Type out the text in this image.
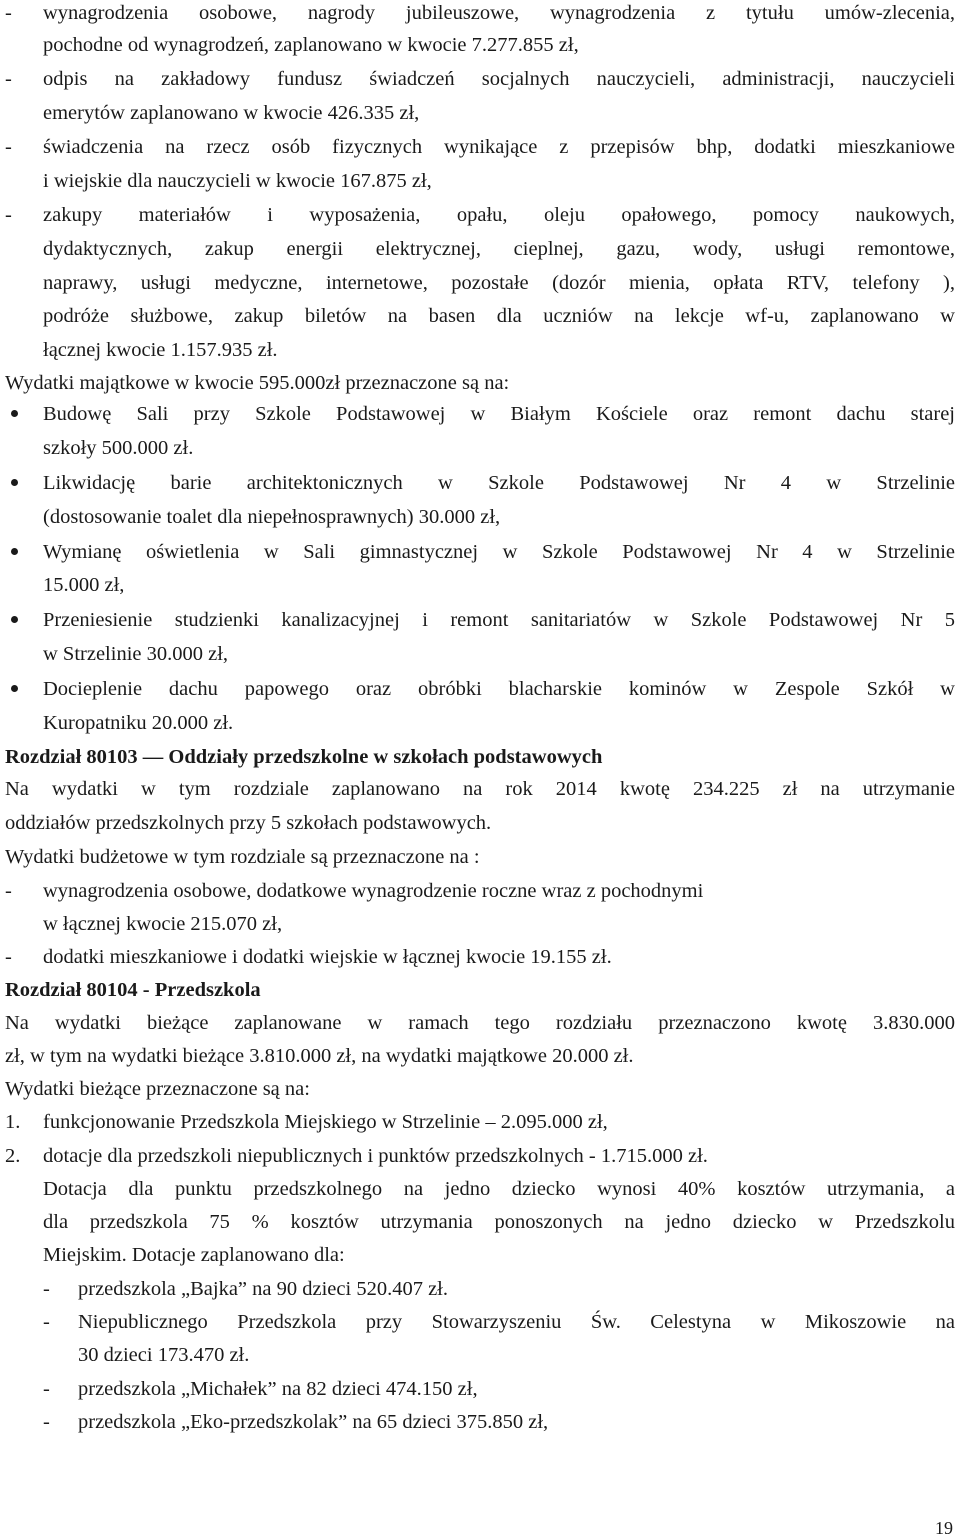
- wynagrodzenia osobowe, nagrody jubileuszowe, wynagrodzenia z tytułu umów-zlecenia,
pochodne od wynagrodzeń, zaplanowano w kwocie 7.277.855 zł,
- odpis na zakładowy fundusz świadczeń socjalnych nauczycieli, administracji, nauczycieli
emerytów zaplanowano w kwocie 426.335 zł,
- świadczenia na rzecz osób fizycznych wynikające z przepisów bhp, dodatki mieszkaniowe
i wiejskie dla nauczycieli w kwocie 167.875 zł,
- zakupy materiałów i wyposażenia, opału, oleju opałowego, pomocy naukowych,
dydaktycznych, zakup energii elektrycznej, cieplnej, gazu, wody, usługi remontowe,
naprawy, usługi medyczne, internetowe, pozostałe (dozór mienia, opłata RTV, telefony ),
podróże służbowe, zakup biletów na basen dla uczniów na lekcje wf-u, zaplanowano w
łącznej kwocie 1.157.935 zł.
Wydatki majątkowe w kwocie 595.000zł przeznaczone są na:
Budowę Sali przy Szkole Podstawowej w Białym Kościele oraz remont dachu starej
szkoły 500.000 zł.
Likwidację barie architektonicznych w Szkole Podstawowej Nr 4 w Strzelinie
(dostosowanie toalet dla niepełnosprawnych) 30.000 zł,
Wymianę oświetlenia w Sali gimnastycznej w Szkole Podstawowej Nr 4 w Strzelinie
15.000 zł,
Przeniesienie studzienki kanalizacyjnej i remont sanitariatów w Szkole Podstawowej Nr 5
w Strzelinie 30.000 zł,
Docieplenie dachu papowego oraz obróbki blacharskie kominów w Zespole Szkół w
Kuropatniku 20.000 zł.
Rozdział 80103 — Oddziały przedszkolne w szkołach podstawowych
Na wydatki w tym rozdziale zaplanowano na rok 2014 kwotę 234.225 zł na utrzymanie
oddziałów przedszkolnych przy 5 szkołach podstawowych.
Wydatki budżetowe w tym rozdziale są przeznaczone na :
- wynagrodzenia osobowe, dodatkowe wynagrodzenie roczne wraz z pochodnymi
w łącznej kwocie 215.070 zł,
- dodatki mieszkaniowe i dodatki wiejskie w łącznej kwocie 19.155 zł.
Rozdział 80104 - Przedszkola
Na wydatki bieżące zaplanowane w ramach tego rozdziału przeznaczono kwotę 3.830.000
zł, w tym na wydatki bieżące 3.810.000 zł, na wydatki majątkowe 20.000 zł.
Wydatki bieżące przeznaczone są na:
1. funkcjonowanie Przedszkola Miejskiego w Strzelinie – 2.095.000 zł,
2. dotacje dla przedszkoli niepublicznych i punktów przedszkolnych - 1.715.000 zł.
Dotacja dla punktu przedszkolnego na jedno dziecko wynosi 40% kosztów utrzymania, a
dla przedszkola 75 % kosztów utrzymania ponoszonych na jedno dziecko w Przedszkolu
Miejskim. Dotacje zaplanowano dla:
- przedszkola „Bajka” na 90 dzieci 520.407 zł.
- Niepublicznego Przedszkola przy Stowarzyszeniu Św. Celestyna w Mikoszowie na
30 dzieci 173.470 zł.
- przedszkola „Michałek” na 82 dzieci 474.150 zł,
- przedszkola „Eko-przedszkolak” na 65 dzieci 375.850 zł,
19
